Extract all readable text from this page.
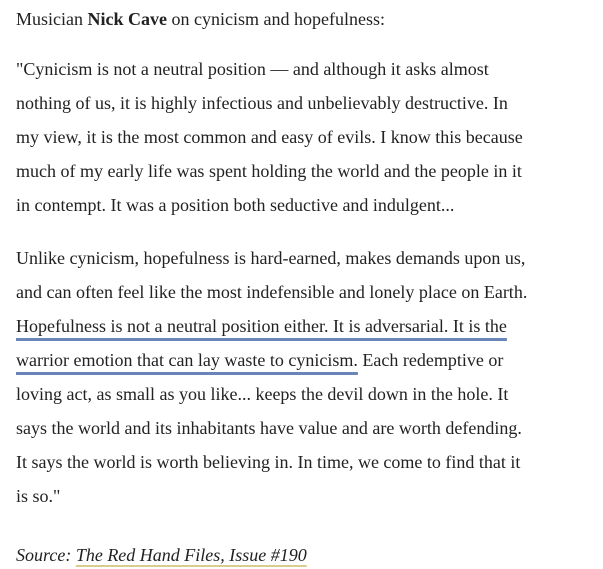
Musician Nick Cave on cynicism and hopefulness:

"Cynicism is not a neutral position — and although it asks almost
nothing of us, it is highly infectious and unbelievably destructive. In
my view, it is the most common and easy of evils. I know this because
much of my early life was spent holding the world and the people in it
in contempt. It was a position both seductive and indulgent...

Unlike cynicism, hopefulness is hard-earned, makes demands upon us,
and can often feel like the most indefensible and lonely place on Earth.
Hopefulness is not a neutral position either. It is adversarial. It is the
warrior emotion that can lay waste to cynicism. Each redemptive or
loving act, as small as you like... keeps the devil down in the hole. It
says the world and its inhabitants have value and are worth defending.
It says the world is worth believing in. In time, we come to find that it
is so."

Source: The Red Hand Files, Issue #190
